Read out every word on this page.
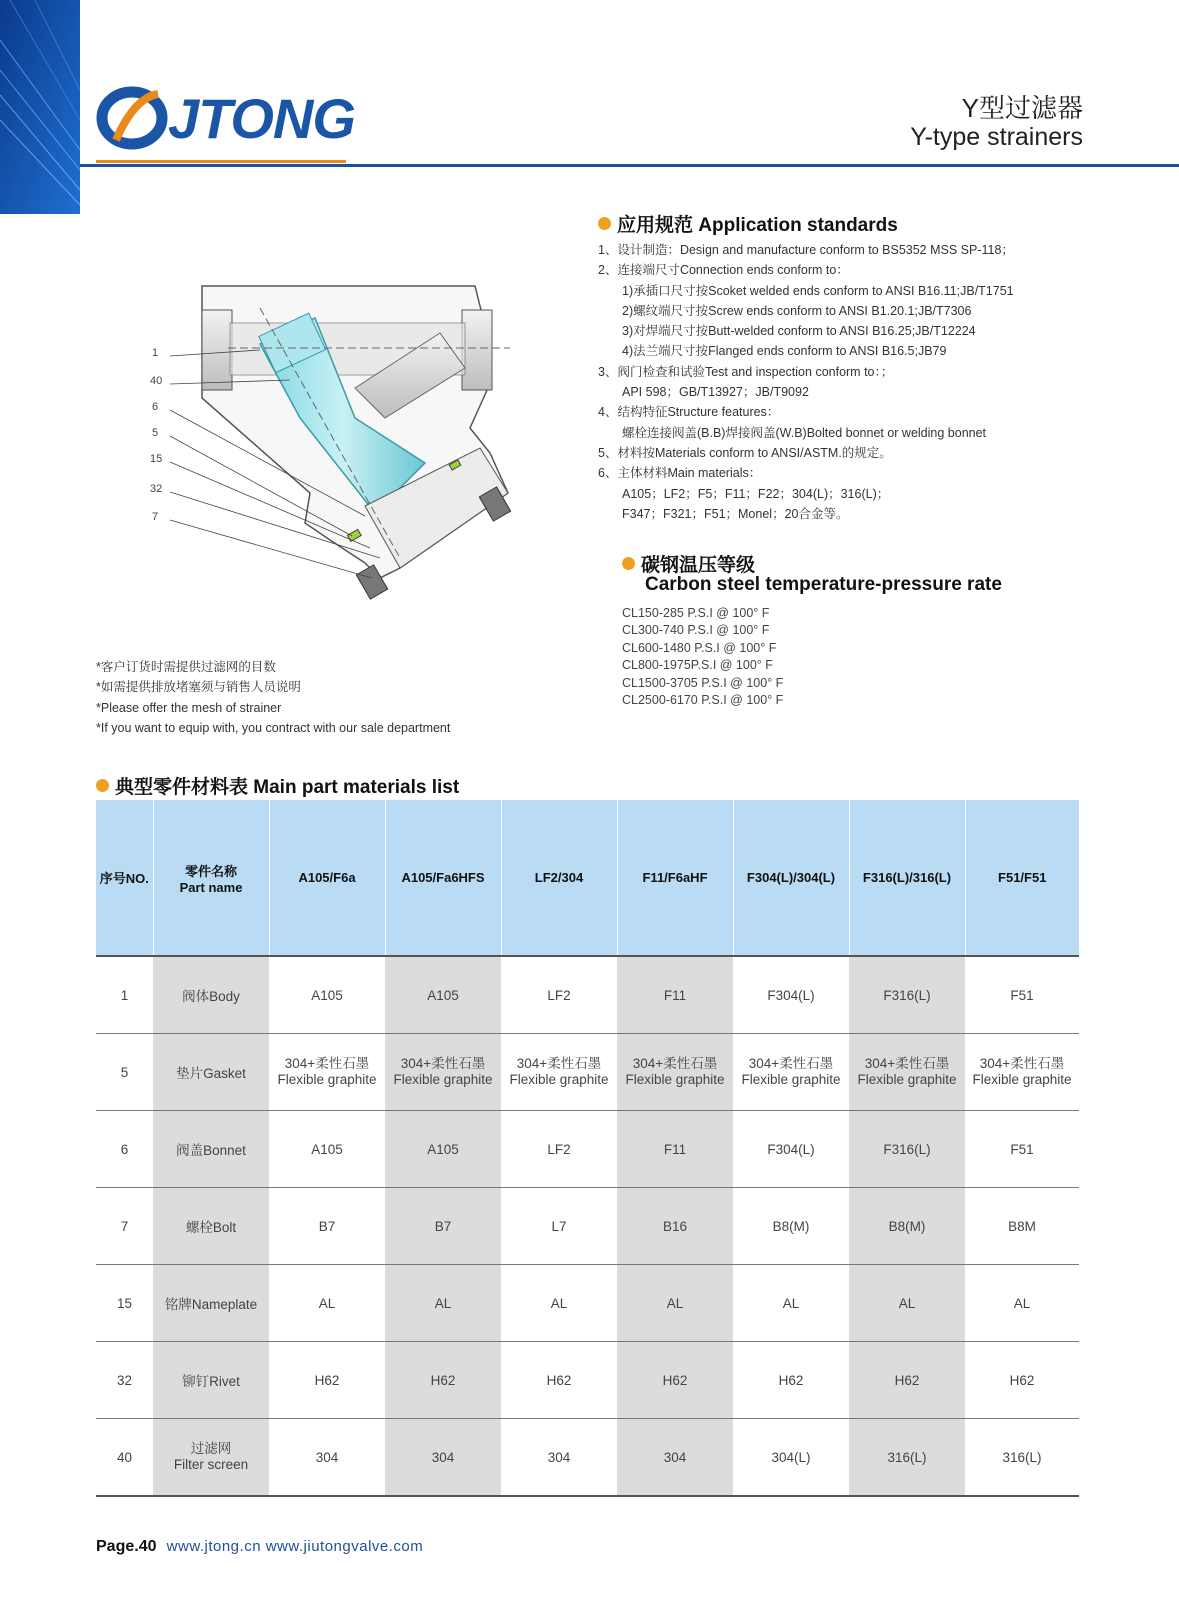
JTONG	Y型过滤器
Y-type strainers
应用规范 Application standards
1、设计制造：Design and manufacture conform to BS5352 MSS SP-118；
2、连接端尺寸Connection ends conform to：
1)承插口尺寸按Scoket welded ends conform to ANSI B16.11;JB/T1751
2)螺纹端尺寸按Screw ends conform to ANSI B1.20.1;JB/T7306
3)对焊端尺寸按Butt-welded conform to ANSI B16.25;JB/T12224
4)法兰端尺寸按Flanged ends conform to ANSI B16.5;JB79
3、阀门检查和试验Test and inspection conform to：；
API 598；GB/T13927；JB/T9092
4、结构特征Structure features：
螺栓连接阀盖(B.B)焊接阀盖(W.B)Bolted bonnet or welding bonnet
5、材料按Materials conform to ANSI/ASTM.的规定。
6、主体材料Main materials：
A105；LF2；F5；F11；F22；304(L)；316(L)；
F347；F321；F51；Monel；20合金等。
碳钢温压等级
Carbon steel temperature-pressure rate
CL150-285 P.S.I @ 100° F
CL300-740 P.S.I @ 100° F
CL600-1480 P.S.I @ 100° F
CL800-1975P.S.I @ 100° F
CL1500-3705 P.S.I @ 100° F
CL2500-6170 P.S.I @ 100° F
1
40
6
5
15
32
7
*客户订货时需提供过滤网的目数
*如需提供排放堵塞须与销售人员说明
*Please offer the mesh of strainer
*If you want to equip with, you contract with our sale department
典型零件材料表 Main part materials list
序号NO.	零件名称
Part name	A105/F6a	A105/Fa6HFS	LF2/304	F11/F6aHF	F304(L)/304(L)	F316(L)/316(L)	F51/F51
1	阀体Body	A105	A105	LF2	F11	F304(L)	F316(L)	F51
5	垫片Gasket	304+柔性石墨
Flexible graphite	304+柔性石墨
Flexible graphite	304+柔性石墨
Flexible graphite	304+柔性石墨
Flexible graphite	304+柔性石墨
Flexible graphite	304+柔性石墨
Flexible graphite	304+柔性石墨
Flexible graphite

6	阀盖Bonnet	A105	A105	LF2	F11	F304(L)	F316(L)	F51
7	螺栓Bolt	B7	B7	L7	B16	B8(M)	B8(M)	B8M
15	铭牌Nameplate	AL	AL	AL	AL	AL	AL	AL
32	铆钉Rivet	H62	H62	H62	H62	H62	H62	H62
40	过滤网
Filter screen	304	304	304	304	304(L)	316(L)	316(L)
Page.40 www.jtong.cn www.jiutongvalve.com
